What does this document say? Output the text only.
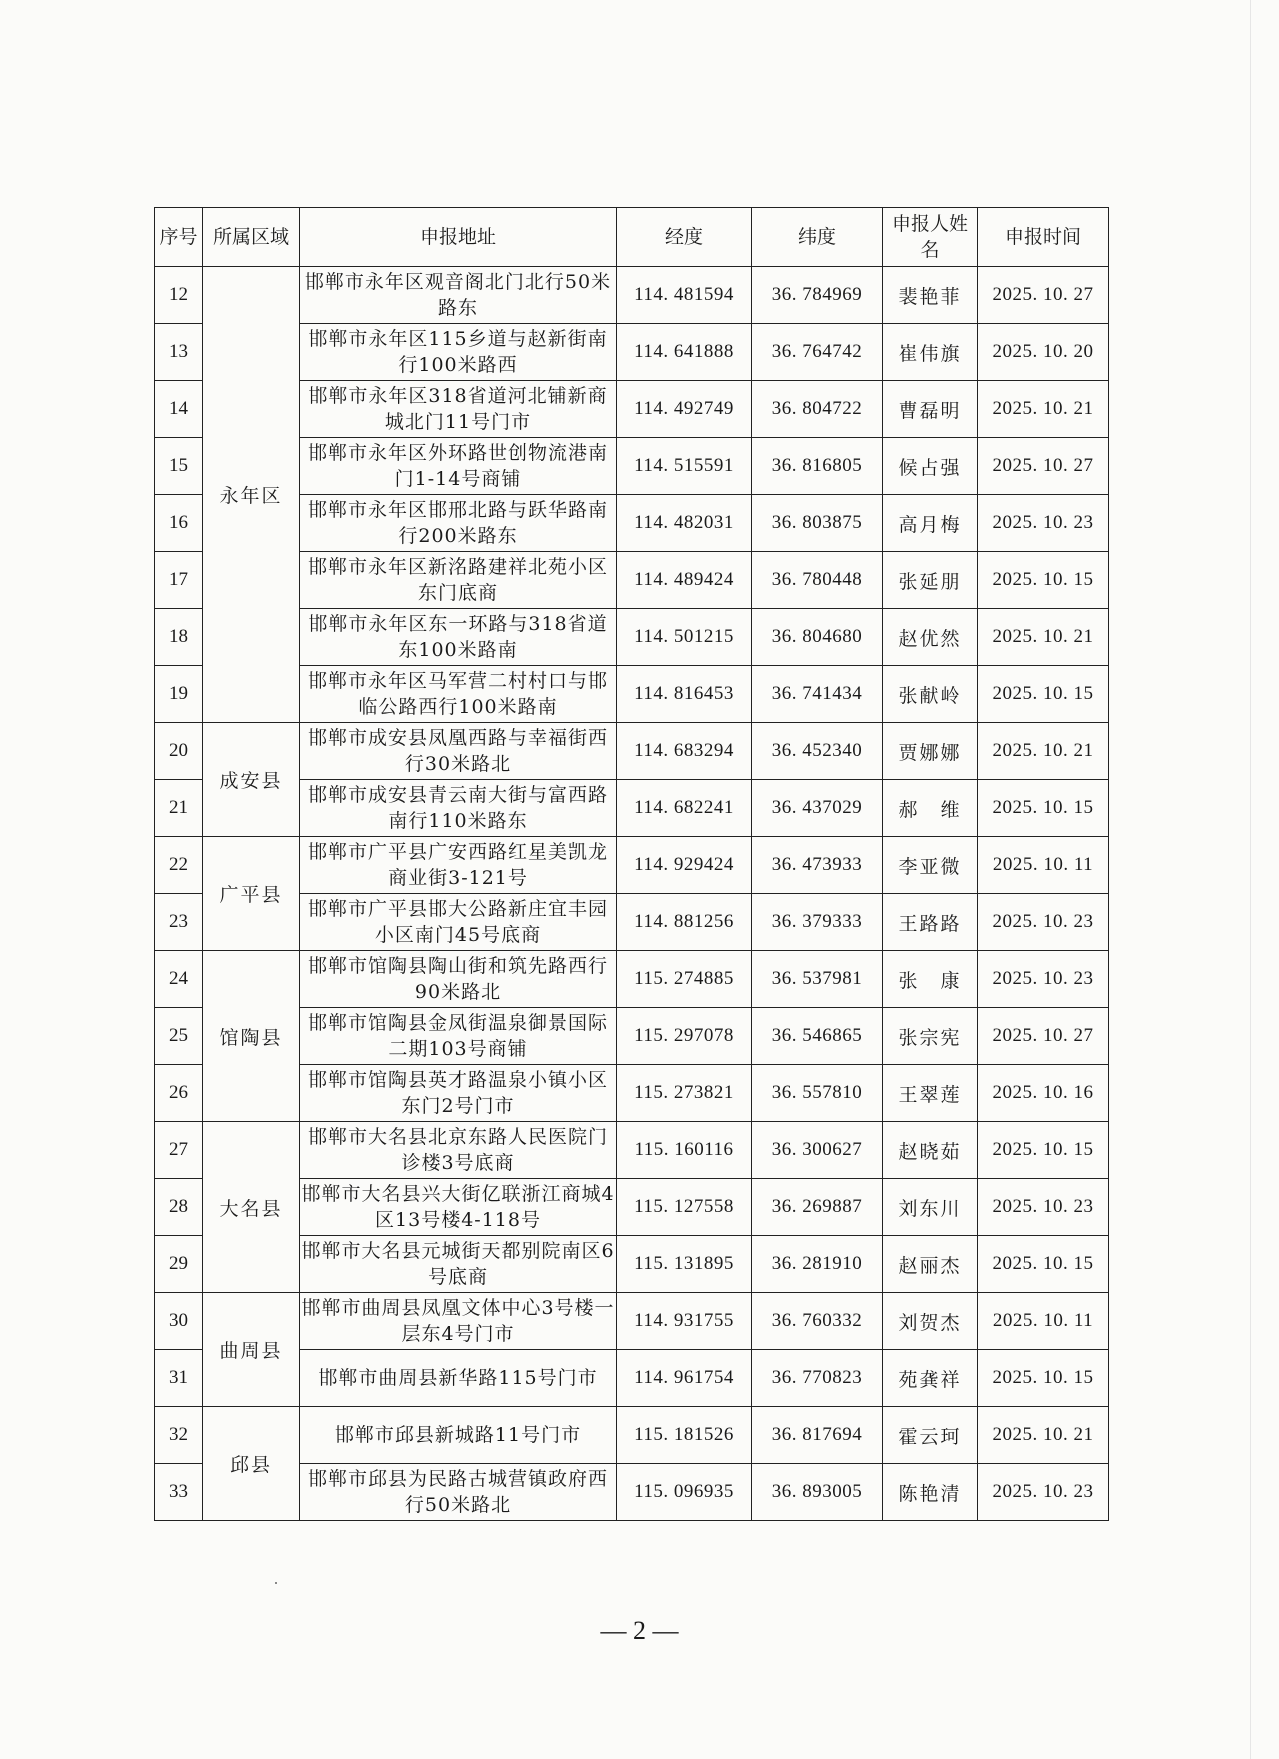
序号	所属区域	申报地址	经度	纬度	申报人姓名	申报时间
12	永年区	邯郸市永年区观音阁北门北行50米路东	114. 481594	36. 784969	裴艳菲	2025. 10. 27
13		邯郸市永年区115乡道与赵新街南行100米路西	114. 641888	36. 764742	崔伟旗	2025. 10. 20
14		邯郸市永年区318省道河北铺新商城北门11号门市	114. 492749	36. 804722	曹磊明	2025. 10. 21
15		邯郸市永年区外环路世创物流港南门1-14号商铺	114. 515591	36. 816805	候占强	2025. 10. 27
16		邯郸市永年区邯邢北路与跃华路南行200米路东	114. 482031	36. 803875	高月梅	2025. 10. 23
17		邯郸市永年区新洺路建祥北苑小区东门底商	114. 489424	36. 780448	张延朋	2025. 10. 15
18		邯郸市永年区东一环路与318省道东100米路南	114. 501215	36. 804680	赵优然	2025. 10. 21
19		邯郸市永年区马军营二村村口与邯临公路西行100米路南	114. 816453	36. 741434	张献岭	2025. 10. 15
20	成安县	邯郸市成安县凤凰西路与幸福街西行30米路北	114. 683294	36. 452340	贾娜娜	2025. 10. 21
21		邯郸市成安县青云南大街与富西路南行110米路东	114. 682241	36. 437029	郝　维	2025. 10. 15
22	广平县	邯郸市广平县广安西路红星美凯龙商业街3-121号	114. 929424	36. 473933	李亚微	2025. 10. 11
23		邯郸市广平县邯大公路新庄宜丰园小区南门45号底商	114. 881256	36. 379333	王路路	2025. 10. 23
24	馆陶县	邯郸市馆陶县陶山街和筑先路西行90米路北	115. 274885	36. 537981	张　康	2025. 10. 23
25		邯郸市馆陶县金凤街温泉御景国际二期103号商铺	115. 297078	36. 546865	张宗宪	2025. 10. 27
26		邯郸市馆陶县英才路温泉小镇小区东门2号门市	115. 273821	36. 557810	王翠莲	2025. 10. 16
27	大名县	邯郸市大名县北京东路人民医院门诊楼3号底商	115. 160116	36. 300627	赵晓茹	2025. 10. 15
28		邯郸市大名县兴大街亿联浙江商城4区13号楼4-118号	115. 127558	36. 269887	刘东川	2025. 10. 23
29		邯郸市大名县元城街天都别院南区6号底商	115. 131895	36. 281910	赵丽杰	2025. 10. 15
30	曲周县	邯郸市曲周县凤凰文体中心3号楼一层东4号门市	114. 931755	36. 760332	刘贺杰	2025. 10. 11
31		邯郸市曲周县新华路115号门市	114. 961754	36. 770823	苑龚祥	2025. 10. 15
32	邱县	邯郸市邱县新城路11号门市	115. 181526	36. 817694	霍云珂	2025. 10. 21
33		邯郸市邱县为民路古城营镇政府西行50米路北	115. 096935	36. 893005	陈艳清	2025. 10. 23
— 2 —
